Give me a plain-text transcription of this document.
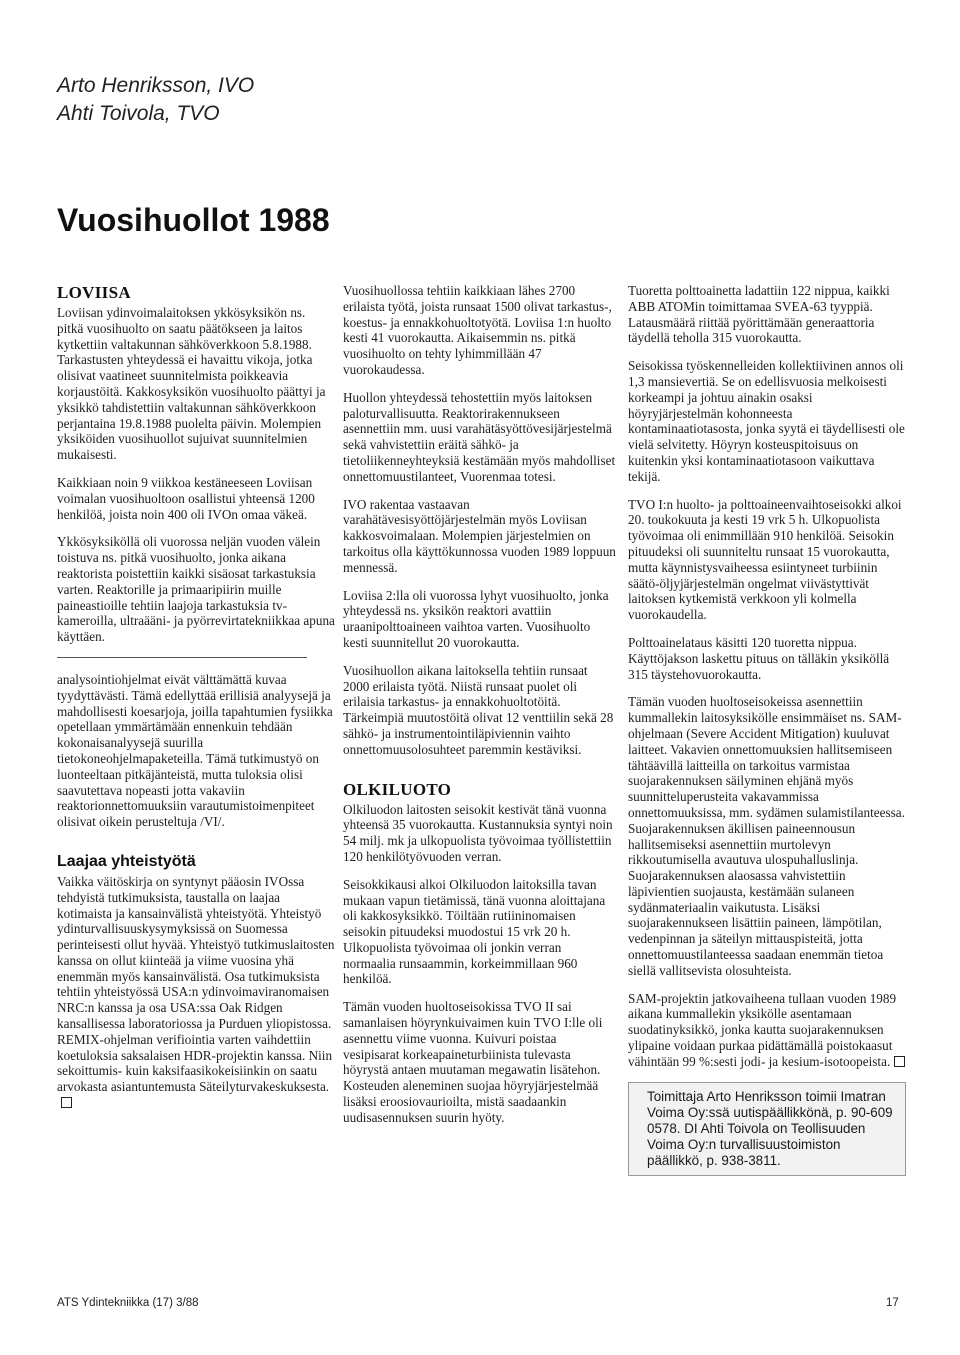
Arto Henriksson, IVO
Ahti Toivola, TVO
Vuosihuollot 1988
LOVIISA

Loviisan ydinvoimalaitoksen ykkösyksikön ns. pitkä vuosihuolto on saatu päätökseen ja laitos kytkettiin valtakunnan sähköverkkoon 5.8.1988. Tarkastusten yhteydessä ei havaittu vikoja, jotka olisivat vaatineet suunnitelmista poikkeavia korjaustöitä. Kakkosyksikön vuosihuolto päättyi ja yksikkö tahdistettiin valtakunnan sähköverkkoon perjantaina 19.8.1988 puolelta päivin. Molempien yksiköiden vuosihuollot sujuivat suunnitelmien mukaisesti.

Kaikkiaan noin 9 viikkoa kestäneeseen Loviisan voimalan vuosihuoltoon osallistui yhteensä 1200 henkilöä, joista noin 400 oli IVOn omaa väkeä.

Ykkösyksiköllä oli vuorossa neljän vuoden välein toistuva ns. pitkä vuosihuolto, jonka aikana reaktorista poistettiin kaikki sisäosat tarkastuksia varten. Reaktorille ja primaaripiirin muille paineastioille tehtiin laajoja tarkastuksia tv-kameroilla, ultraääni- ja pyörrevirtatekniikkaa apuna käyttäen.

analysointiohjelmat eivät välttämättä kuvaa tyydyttävästi. Tämä edellyttää erillisiä analyysejä ja mahdollisesti koesarjoja, joilla tapahtumien fysiikka opetellaan ymmärtämään ennenkuin tehdään kokonaisanalyysejä suurilla tietokoneohjelmapaketeilla. Tämä tutkimustyö on luonteeltaan pitkäjänteistä, mutta tuloksia olisi saavutettava nopeasti jotta vakaviin reaktorionnettomuuksiin varautumistoimenpiteet olisivat oikein perusteltuja /VI/.

Laajaa yhteistyötä

Vaikka väitöskirja on syntynyt pääosin IVOssa tehdyistä tutkimuksista, taustalla on laajaa kotimaista ja kansainvälistä yhteistyötä. Yhteistyö ydinturvallisuuskysymyksissä on Suomessa perinteisesti ollut hyvää. Yhteistyö tutkimuslaitosten kanssa on ollut kiinteää ja viime vuosina yhä enemmän myös kansainvälistä. Osa tutkimuksista tehtiin yhteistyössä USA:n ydinvoimaviranomaisen NRC:n kanssa ja osa USA:ssa Oak Ridgen kansallisessa laboratoriossa ja Purduen yliopistossa. REMIX-ohjelman verifiointia varten vaihdettiin koetuloksia saksalaisen HDR-projektin kanssa. Niin sekoittumis- kuin kaksifaasikokeisiinkin on saatu arvokasta asiantuntemusta Säteilyturvakeskuksesta.

Vuosihuollossa tehtiin kaikkiaan lähes 2700 erilaista työtä, joista runsaat 1500 olivat tarkastus-, koestus- ja ennakkohuoltotyötä. Loviisa 1:n huolto kesti 41 vuorokautta. Aikaisemmin ns. pitkä vuosihuolto on tehty lyhimmillään 47 vuorokaudessa.

Huollon yhteydessä tehostettiin myös laitoksen paloturvallisuutta. Reaktorirakennukseen asennettiin mm. uusi varahätäsyöttövesijärjestelmä sekä vahvistettiin eräitä sähkö- ja tietoliikenneyhteyksiä kestämään myös mahdolliset onnettomuustilanteet, Vuorenmaa totesi.

IVO rakentaa vastaavan varahätävesisyöttöjärjestelmän myös Loviisan kakkosvoimalaan. Molempien järjestelmien on tarkoitus olla käyttökunnossa vuoden 1989 loppuun mennessä.

Loviisa 2:lla oli vuorossa lyhyt vuosihuolto, jonka yhteydessä ns. yksikön reaktori avattiin uraanipolttoaineen vaihtoa varten. Vuosihuolto kesti suunnitellut 20 vuorokautta.

Vuosihuollon aikana laitoksella tehtiin runsaat 2000 erilaista työtä. Niistä runsaat puolet oli erilaisia tarkastus- ja ennakkohuoltotöitä. Tärkeimpiä muutostöitä olivat 12 venttiilin sekä 28 sähkö- ja instrumentointiläpiviennin vaihto onnettomuusolosuhteet paremmin kestäviksi.

OLKILUOTO

Olkiluodon laitosten seisokit kestivät tänä vuonna yhteensä 35 vuorokautta. Kustannuksia syntyi noin 54 milj. mk ja ulkopuolista työvoimaa työllistettiin 120 henkilötyövuoden verran.

Seisokkikausi alkoi Olkiluodon laitoksilla tavan mukaan vapun tietämissä, tänä vuonna aloittajana oli kakkosyksikkö. Töiltään rutiininomaisen seisokin pituudeksi muodostui 15 vrk 20 h. Ulkopuolista työvoimaa oli jonkin verran normaalia runsaammin, korkeimmillaan 960 henkilöä.

Tämän vuoden huoltoseisokissa TVO II sai samanlaisen höyrynkuivaimen kuin TVO I:lle oli asennettu viime vuonna. Kuivuri poistaa vesipisarat korkeapaineturbiinista tulevasta höyrystä antaen muutaman megawatin lisätehon. Kosteuden aleneminen suojaa höyryjärjestelmää lisäksi eroosiovaurioilta, mistä saadaankin uudisasennuksen suurin hyöty.

Tuoretta polttoainetta ladattiin 122 nippua, kaikki ABB ATOMin toimittamaa SVEA-63 tyyppiä. Latausmäärä riittää pyörittämään generaattoria täydellä teholla 315 vuorokautta.

Seisokissa työskennelleiden kollektiivinen annos oli 1,3 mansievertiä. Se on edellisvuosia melkoisesti korkeampi ja johtuu ainakin osaksi höyryjärjestelmän kohonneesta kontaminaatiotasosta, jonka syytä ei täydellisesti ole vielä selvitetty. Höyryn kosteuspitoisuus on kuitenkin yksi kontaminaatiotasoon vaikuttava tekijä.

TVO I:n huolto- ja polttoaineenvaihtoseisokki alkoi 20. toukokuuta ja kesti 19 vrk 5 h. Ulkopuolista työvoimaa oli enimmillään 910 henkilöä. Seisokin pituudeksi oli suunniteltu runsaat 15 vuorokautta, mutta käynnistysvaiheessa esiintyneet turbiinin säätö-öljyjärjestelmän ongelmat viivästyttivät laitoksen kytkemistä verkkoon yli kolmella vuorokaudella.

Polttoainelataus käsitti 120 tuoretta nippua. Käyttöjakson laskettu pituus on tälläkin yksiköllä 315 täystehovuorokautta.

Tämän vuoden huoltoseisokeissa asennettiin kummallekin laitosyksikölle ensimmäiset ns. SAM-ohjelmaan (Severe Accident Mitigation) kuuluvat laitteet. Vakavien onnettomuuksien hallitsemiseen tähtäävillä laitteilla on tarkoitus varmistaa suojarakennuksen säilyminen ehjänä myös suunnitteluperusteita vakavammissa onnettomuuksissa, mm. sydämen sulamistilanteessa. Suojarakennuksen äkillisen paineennousun hallitsemiseksi asennettiin murtolevyn rikkoutumisella avautuva ulospuhalluslinja. Suojarakennuksen alaosassa vahvistettiin läpivientien suojausta, kestämään sulaneen sydänmateriaalin vaikutusta. Lisäksi suojarakennukseen lisättiin paineen, lämpötilan, vedenpinnan ja säteilyn mittauspisteitä, jotta onnettomuustilanteessa saadaan enemmän tietoa siellä vallitsevista olosuhteista.

SAM-projektin jatkovaiheena tullaan vuoden 1989 aikana kummallekin yksikölle asentamaan suodatinyksikkö, jonka kautta suojarakennuksen ylipaine voidaan purkaa pidättämällä poistokaasut vähintään 99 %:sesti jodi- ja kesium-isotoopeista.

Toimittaja Arto Henriksson toimii Imatran Voima Oy:ssä uutispäällikkönä, p. 90-609 0578. DI Ahti Toivola on Teollisuuden Voima Oy:n turvallisuustoimiston päällikkö, p. 938-3811.
ATS Ydintekniikka (17) 3/88	17
